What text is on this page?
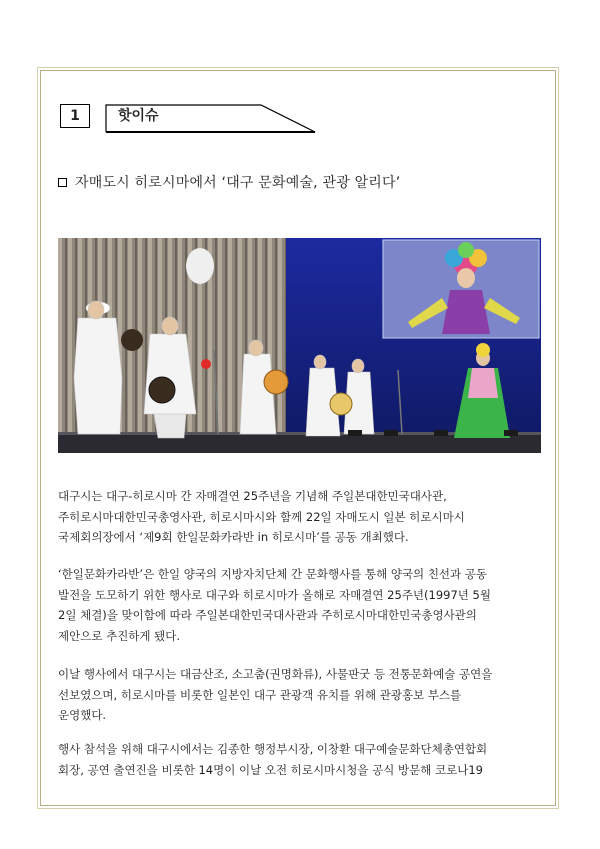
1	핫이슈
자매도시 히로시마에서 ‘대구 문화예술, 관광 알리다’

대구시는 대구-히로시마 간 자매결연 25주년을 기념해 주일본대한민국대사관,
주히로시마대한민국총영사관, 히로시마시와 함께 22일 자매도시 일본 히로시마시
국제회의장에서 ‘제9회 한일문화카라반 in 히로시마’를 공동 개최했다.

‘한일문화카라반’은 한일 양국의 지방자치단체 간 문화행사를 통해 양국의 친선과 공동
발전을 도모하기 위한 행사로 대구와 히로시마가 올해로 자매결연 25주년(1997년 5월
2일 체결)을 맞이함에 따라 주일본대한민국대사관과 주히로시마대한민국총영사관의
제안으로 추진하게 됐다.

이날 행사에서 대구시는 대금산조, 소고춤(권명화류), 사물판굿 등 전통문화예술 공연을
선보였으며, 히로시마를 비롯한 일본인 대구 관광객 유치를 위해 관광홍보 부스를
운영했다.

행사 참석을 위해 대구시에서는 김종한 행정부시장, 이창환 대구예술문화단체총연합회
회장, 공연 출연진을 비롯한 14명이 이날 오전 히로시마시청을 공식 방문해 코로나19
